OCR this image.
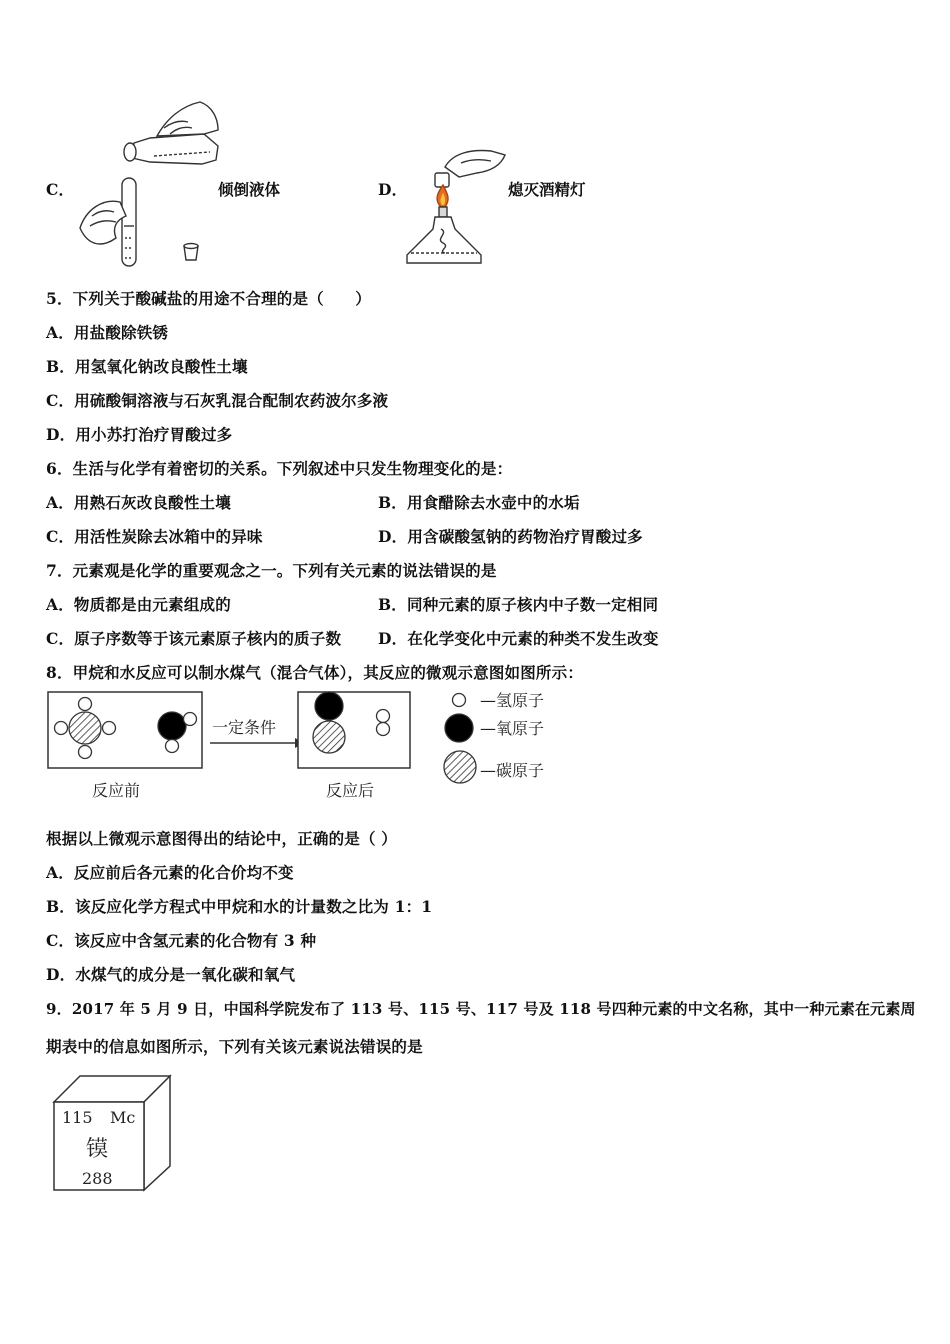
C．	倾倒液体	D．	熄灭酒精灯
5．下列关于酸碱盐的用途不合理的是（　　）
A．用盐酸除铁锈
B．用氢氧化钠改良酸性土壤
C．用硫酸铜溶液与石灰乳混合配制农药波尔多液
D．用小苏打治疗胃酸过多
6．生活与化学有着密切的关系。下列叙述中只发生物理变化的是：
A．用熟石灰改良酸性土壤	B．用食醋除去水壶中的水垢
C．用活性炭除去冰箱中的异味	D．用含碳酸氢钠的药物治疗胃酸过多
7．元素观是化学的重要观念之一。下列有关元素的说法错误的是
A．物质都是由元素组成的	B．同种元素的原子核内中子数一定相同
C．原子序数等于该元素原子核内的质子数 D．在化学变化中元素的种类不发生改变
8．甲烷和水反应可以制水煤气（混合气体），其反应的微观示意图如图所示：
一定条件
反应前	反应后
—氢原子
—氧原子
—碳原子
根据以上微观示意图得出的结论中，正确的是（ ）
A．反应前后各元素的化合价均不变
B．该反应化学方程式中甲烷和水的计量数之比为 1：1
C．该反应中含氢元素的化合物有 3 种
D．水煤气的成分是一氧化碳和氧气
9．2017 年 5 月 9 日，中国科学院发布了 113 号、115 号、117 号及 118 号四种元素的中文名称，其中一种元素在元素周
期表中的信息如图所示，下列有关该元素说法错误的是
115 Mc
镆
288
